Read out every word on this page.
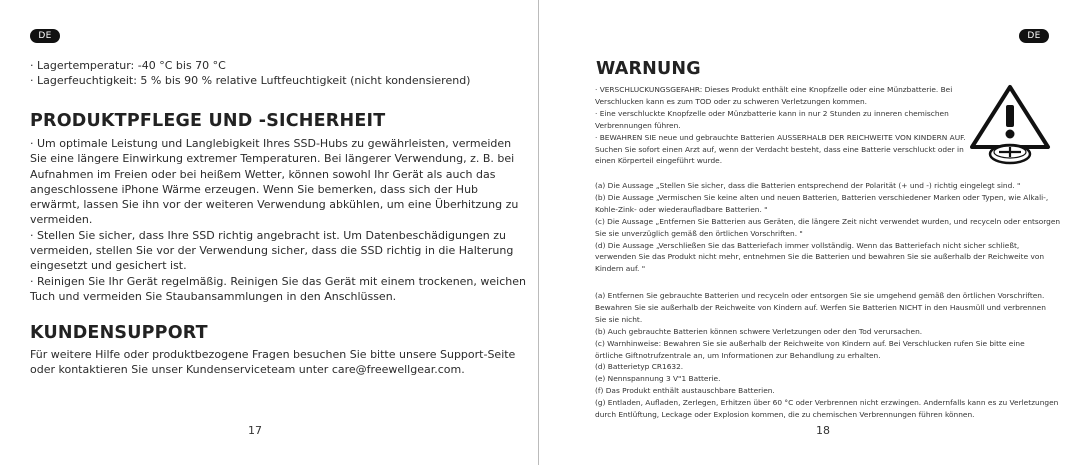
DE
· Lagertemperatur: -40 °C bis 70 °C
· Lagerfeuchtigkeit: 5 % bis 90 % relative Luftfeuchtigkeit (nicht kondensierend)
PRODUKTPFLEGE UND -SICHERHEIT
· Um optimale Leistung und Langlebigkeit Ihres SSD-Hubs zu gewährleisten, vermeiden
Sie eine längere Einwirkung extremer Temperaturen. Bei längerer Verwendung, z. B. bei
Aufnahmen im Freien oder bei heißem Wetter, können sowohl Ihr Gerät als auch das
angeschlossene iPhone Wärme erzeugen. Wenn Sie bemerken, dass sich der Hub
erwärmt, lassen Sie ihn vor der weiteren Verwendung abkühlen, um eine Überhitzung zu
vermeiden.
· Stellen Sie sicher, dass Ihre SSD richtig angebracht ist. Um Datenbeschädigungen zu
vermeiden, stellen Sie vor der Verwendung sicher, dass die SSD richtig in die Halterung
eingesetzt und gesichert ist.
· Reinigen Sie Ihr Gerät regelmäßig. Reinigen Sie das Gerät mit einem trockenen, weichen
Tuch und vermeiden Sie Staubansammlungen in den Anschlüssen.
KUNDENSUPPORT
Für weitere Hilfe oder produktbezogene Fragen besuchen Sie bitte unsere Support-Seite
oder kontaktieren Sie unser Kundenserviceteam unter care@freewellgear.com.
17
DE
WARNUNG
· VERSCHLUCKUNGSGEFAHR: Dieses Produkt enthält eine Knopfzelle oder eine Münzbatterie. Bei
Verschlucken kann es zum TOD oder zu schweren Verletzungen kommen.
· Eine verschluckte Knopfzelle oder Münzbatterie kann in nur 2 Stunden zu inneren chemischen
Verbrennungen führen.
· BEWAHREN SIE neue und gebrauchte Batterien AUSSERHALB DER REICHWEITE VON KINDERN AUF.
Suchen Sie sofort einen Arzt auf, wenn der Verdacht besteht, dass eine Batterie verschluckt oder in
einen Körperteil eingeführt wurde.
(a) Die Aussage „Stellen Sie sicher, dass die Batterien entsprechend der Polarität (+ und -) richtig eingelegt sind. "
(b) Die Aussage „Vermischen Sie keine alten und neuen Batterien, Batterien verschiedener Marken oder Typen, wie Alkali-,
Kohle-Zink- oder wiederaufladbare Batterien. "
(c) Die Aussage „Entfernen Sie Batterien aus Geräten, die längere Zeit nicht verwendet wurden, und recyceln oder entsorgen
Sie sie unverzüglich gemäß den örtlichen Vorschriften. "
(d) Die Aussage „Verschließen Sie das Batteriefach immer vollständig. Wenn das Batteriefach nicht sicher schließt,
verwenden Sie das Produkt nicht mehr, entnehmen Sie die Batterien und bewahren Sie sie außerhalb der Reichweite von
Kindern auf. "
(a) Entfernen Sie gebrauchte Batterien und recyceln oder entsorgen Sie sie umgehend gemäß den örtlichen Vorschriften.
Bewahren Sie sie außerhalb der Reichweite von Kindern auf. Werfen Sie Batterien NICHT in den Hausmüll und verbrennen
Sie sie nicht.
(b) Auch gebrauchte Batterien können schwere Verletzungen oder den Tod verursachen.
(c) Warnhinweise: Bewahren Sie sie außerhalb der Reichweite von Kindern auf. Bei Verschlucken rufen Sie bitte eine
örtliche Giftnotrufzentrale an, um Informationen zur Behandlung zu erhalten.
(d) Batterietyp CR1632.
(e) Nennspannung 3 V"1 Batterie.
(f) Das Produkt enthält austauschbare Batterien.
(g) Entladen, Aufladen, Zerlegen, Erhitzen über 60 °C oder Verbrennen nicht erzwingen. Andernfalls kann es zu Verletzungen
durch Entlüftung, Leckage oder Explosion kommen, die zu chemischen Verbrennungen führen können.
18
